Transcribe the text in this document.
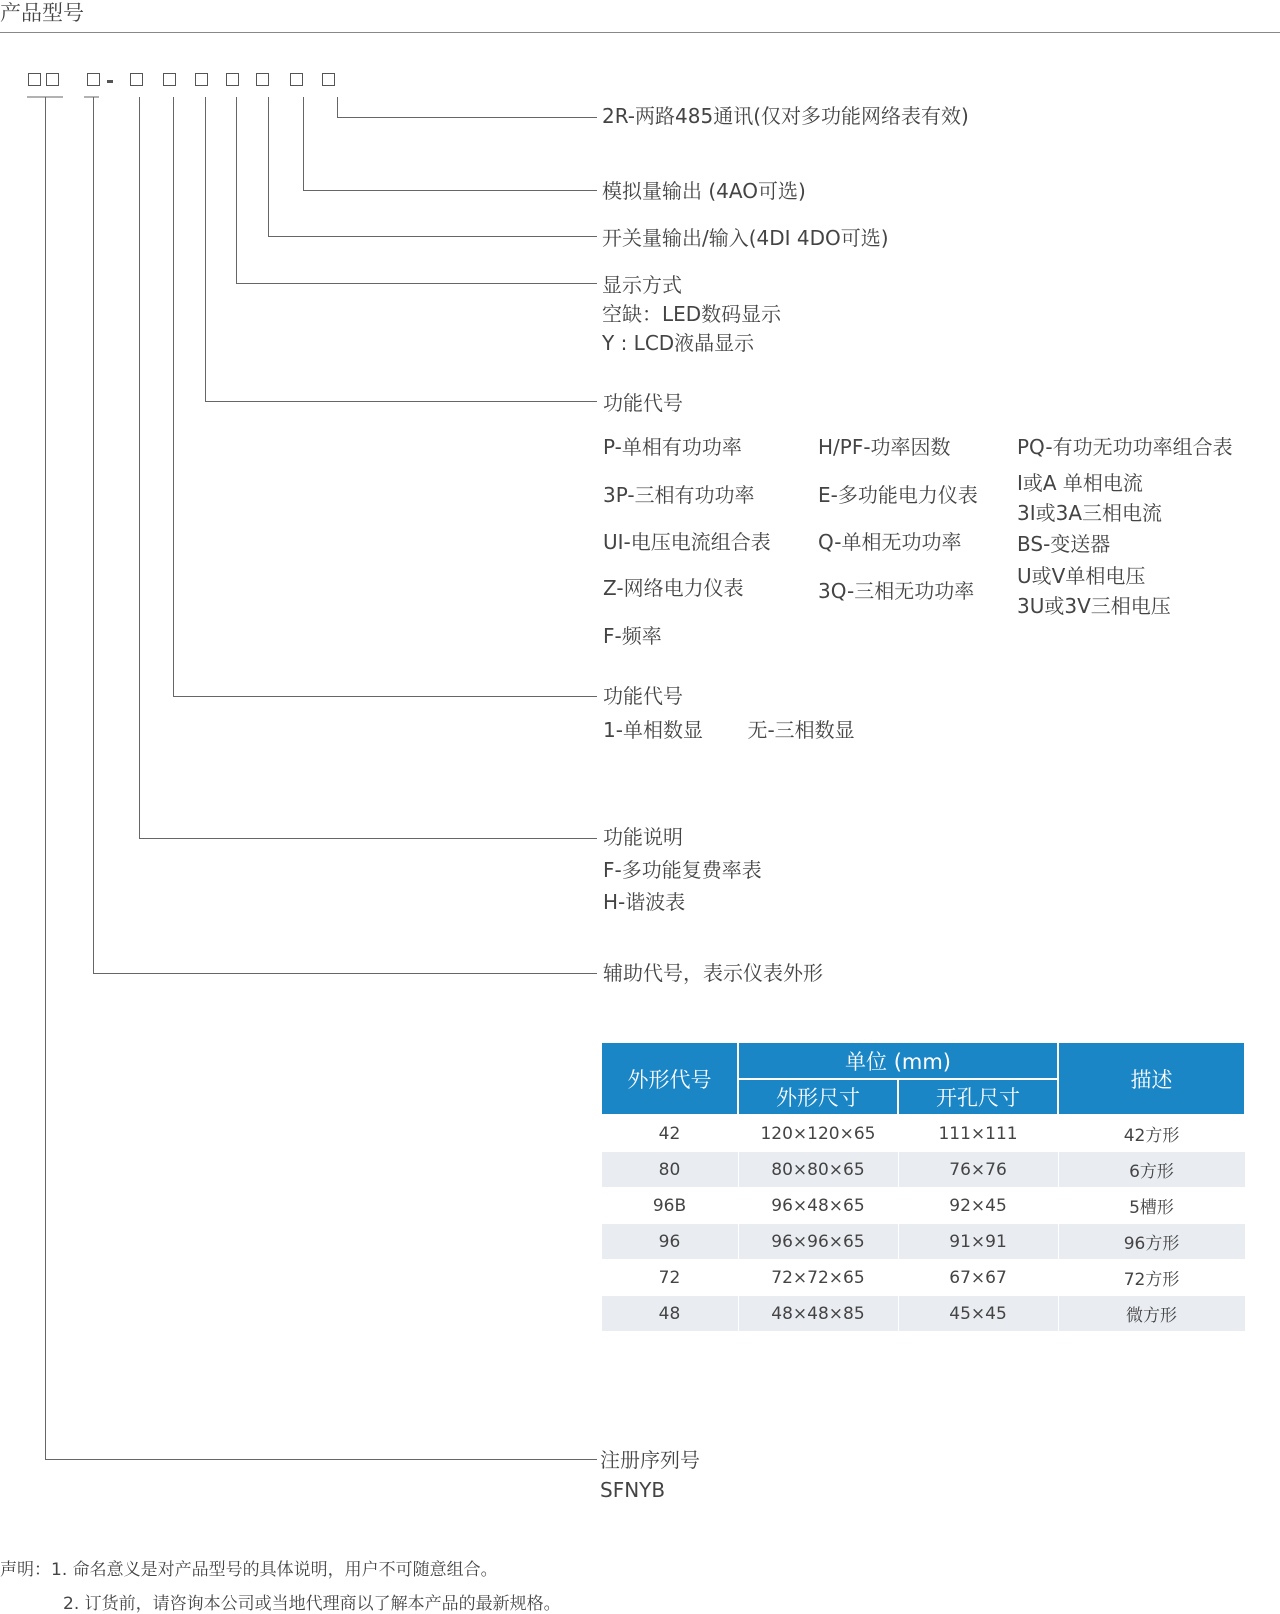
产品型号
2R-两路485通讯(仅对多功能网络表有效)
模拟量输出 (4AO可选)
开关量输出/输入(4DI 4DO可选)
显示方式
空缺：LED数码显示
Y : LCD液晶显示
功能代号
P-单相有功功率
3P-三相有功功率
UI-电压电流组合表
Z-网络电力仪表
F-频率
H/PF-功率因数
E-多功能电力仪表
Q-单相无功功率
3Q-三相无功功率
PQ-有功无功功率组合表
I或A 单相电流
3I或3A三相电流
BS-变送器
U或V单相电压
3U或3V三相电压
功能代号
1-单相数显       无-三相数显
功能说明
F-多功能复费率表
H-谐波表
辅助代号，表示仪表外形
注册序列号
SFNYB
外形代号	单位 (mm)		描述
	外形尺寸	开孔尺寸	
42	120×120×65	111×111	42方形
80	80×80×65	76×76	6方形
96B	96×48×65	92×45	5槽形
96	96×96×65	91×91	96方形
72	72×72×65	67×67	72方形
48	48×48×85	45×45	微方形
声明：1. 命名意义是对产品型号的具体说明，用户不可随意组合。
2. 订货前，请咨询本公司或当地代理商以了解本产品的最新规格。
